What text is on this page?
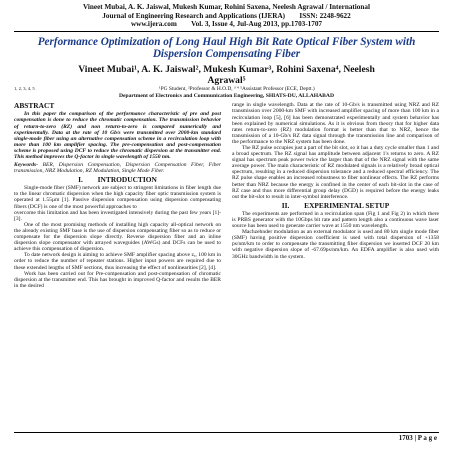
Vineet Mubai, A. K. Jaiswal, Mukesh Kumar, Rohini Saxena, Neelesh Agrawal / International
Journal of Engineering Research and Applications (IJERA)        ISSN: 2248-9622
www.ijera.com        Vol. 3, Issue 4, Jul-Aug 2013, pp.1703-1707
Performance Optimization of Long Haul High Bit Rate Optical Fiber System with Dispersion Compensating Fiber
Vineet Mubai¹, A. K. Jaiswal², Mukesh Kumar³, Rohini Saxena⁴, Neelesh
Agrawal⁵
1, 2, 3, 4, 5	¹PG Student, ²Professor & H.O.D, ³ ⁴ ⁵Assistant Professor (ECE, Deptt.)
Department of Electronics and Communication Engineering, SHIATS-DU, ALLAHABAD
ABSTRACT

In this paper the comparison of the performance characteristic of pre and post compensation is done to reduce the chromatic compensation. The transmission behavior of return-to-zero (RZ) and non return-to-zero is compared numerically and experimentally. Data at the rate of 10 Gb/s were transmitted over 2000-km standard single-mode fiber using an alternative compensation scheme in a recirculation loop with more than 100 km amplifier spacing. The pre-compensation and post-compensation scheme is proposed using DCF to reduce the chromatic dispersion at the transmitter end. This method improves the Q-factor in single wavelength of 1550 nm.

Keywords- BER, Dispersion Compensation, Dispersion Compensation Fiber, Fiber transmission, NRZ Modulation, RZ Modulation, Single Mode Fiber.
I.        INTRODUCTION

Single-mode fiber (SMF) network are subject to stringent limitations in fiber length due to the linear chromatic dispersion when the high capacity fiber optic transmission system is operated at 1.55µm [1]. Passive dispersion compensation using dispersion compensating fibers (DCF) is one of the most powerful approaches to

overcome this limitation and has been investigated intensively during the past few years [1]-[3].

One of the most promising methods of installing high capacity all-optical network on the already existing SMF base is the use of dispersion compensating fiber so as to reduce or compensate for the dispersion slope directly. Reverse dispersion fiber and an inline dispersion slope compensator with arrayed waveguides (AWGs) and DCFs can be used to achieve this compensation of dispersion.

To date network design is aiming to achieve SMF amplifier spacing above zₐ, 100 km in order to reduce the number of repeater stations. Higher input powers are required due to these extended lengths of SMF sections, thus increasing the effect of nonlinearities [2], [4].

Work has been carried out for Pre-compensation and post-compensation of chromatic dispersion at the transmitter end. This has brought in improved Q-factor and results the BER in the desired

range in single wavelength. Data at the rate of 10-Gb/s is transmitted using NRZ and RZ transmission over 2000-km SMF with increased amplifier spacing of more than 100 km in a recirculation loop [5], [6] has been demonstrated experimentally and system behavior has been explained by numerical simulations. As it is obvious from theory that for higher data rates return-to-zero (RZ) modulation format is better than that to NRZ, hence the transmission of a 10-Gb/s RZ data signal through the transmission line and comparison of the performance to the NRZ system has been done.

The RZ pulse occupies just a part of the bit slot, so it has a duty cycle smaller than 1 and a broad spectrum. The RZ signal has amplitude between adjacent 1's returns to zero. A RZ signal has spectrum peak power twice the larger than that of the NRZ signal with the same average power. The main characteristic of RZ modulated signals is a relatively broad optical spectrum, resulting in a reduced dispersion tolerance and a reduced spectral efficiency. The RZ pulse shape enables an increased robustness to fiber nonlinear effects. The RZ performs better than NRZ because the energy is confined in the center of each bit-slot in the case of RZ case and thus more differential group delay (DGD) is required before the energy leaks out the bit-slot to result in inter-symbol interference.

II.        EXPERIMENTAL SETUP

The experiments are performed in a recirculation span (Fig 1 and Fig 2) in which there is PRBS generator with the 10Gbps bit rate and pattern length also a continuous wave laser source has been used to generate carrier wave at 1550 nm wavelength.

Machzehnder modulation as an external modulator is used and 80 km single mode fiber (SMF) having positive dispersion coefficient is used with total dispersion of +1358 ps/nm/km to order to compensate the transmitting fiber dispersion we inserted DCF 20 km with negative dispersion slope of -67.69ps/nm/km. An EDFA amplifier is also used with 30GHz bandwidth in the system.

1703 | P a g e
